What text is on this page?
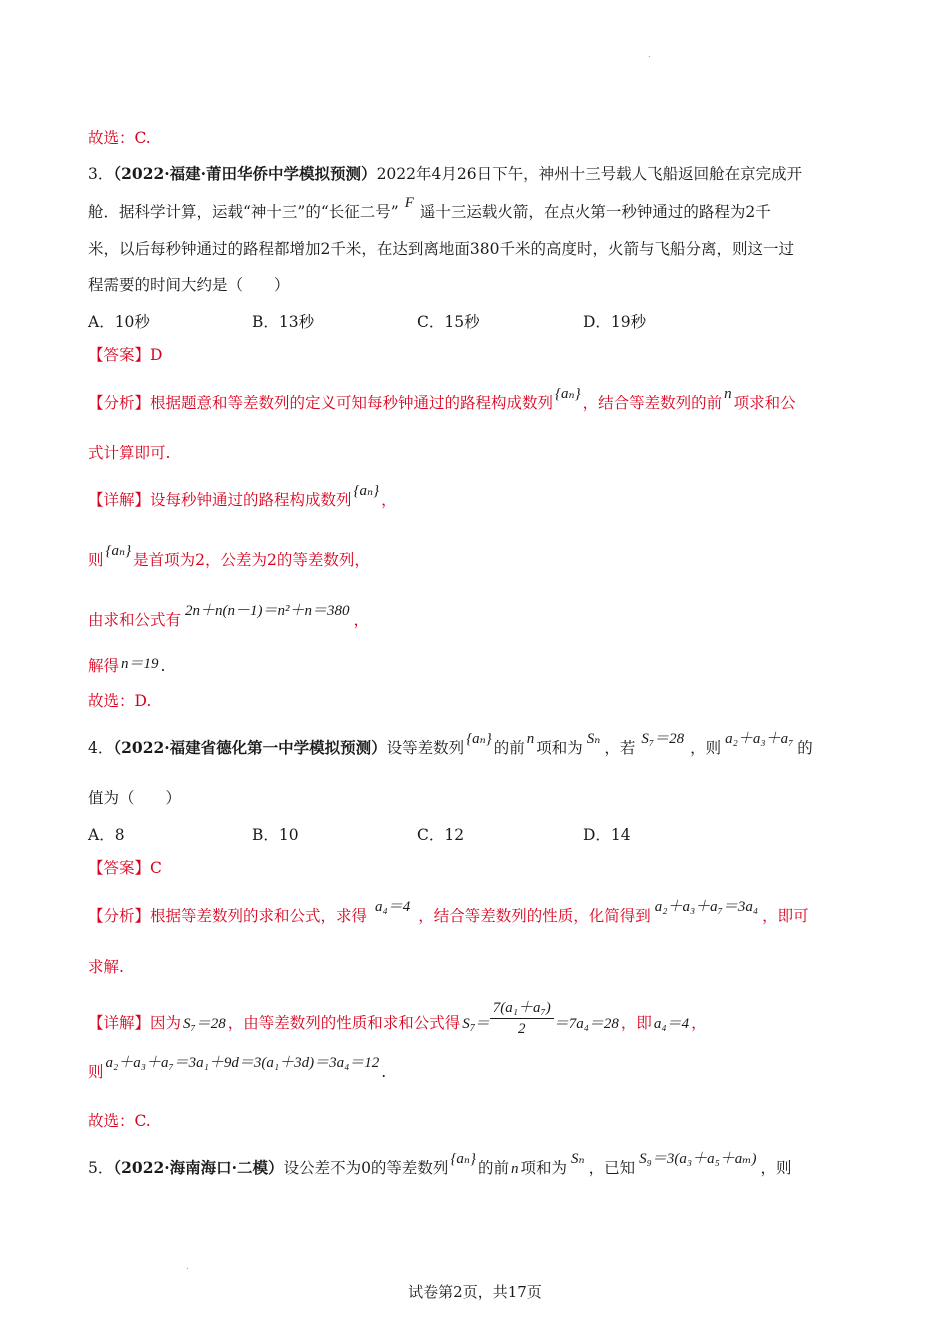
.
.
故选：C.
3．（2022·福建·莆田华侨中学模拟预测）2022年4月26日下午，神州十三号载人飞船返回舱在京完成开
舱．据科学计算，运载“神十三”的“长征二号” F 遥十三运载火箭，在点火第一秒钟通过的路程为2千
米，以后每秒钟通过的路程都增加2千米，在达到离地面380千米的高度时，火箭与飞船分离，则这一过
程需要的时间大约是（　　）
A．10秒	B．13秒	C．15秒	D．19秒
【答案】D
【分析】根据题意和等差数列的定义可知每秒钟通过的路程构成数列 {aₙ} ，结合等差数列的前 n 项求和公
式计算即可.
【详解】设每秒钟通过的路程构成数列 {aₙ} ，
则 {aₙ} 是首项为2，公差为2的等差数列，
由求和公式有 2n＋n(n－1)＝n²＋n＝380 ，
解得 n＝19 .
故选：D.
4．（2022·福建省德化第一中学模拟预测）设等差数列 {aₙ} 的前 n 项和为 Sₙ ，若 S₇＝28 ，则 a₂＋a₃＋a₇ 的
值为（　　）
A．8	B．10	C．12	D．14
【答案】C
【分析】根据等差数列的求和公式，求得 a₄＝4 ，结合等差数列的性质，化简得到 a₂＋a₃＋a₇＝3a₄ ，即可
求解.
【详解】因为 S₇＝28 ，由等差数列的性质和求和公式得 $S_7= \frac{\text{7(a₁＋a₇)}}{2} =7a_4=28$ ，即 a₄＝4 ，
则 a₂＋a₃＋a₇＝3a₁＋9d＝3(a₁＋3d)＝3a₄＝12 .
故选：C.
5．（2022·海南海口·二模）设公差不为0的等差数列 {aₙ} 的前 n 项和为 Sₙ ，已知 S₉＝3(a₃＋a₅＋aₘ) ，则
试卷第2页，共17页
